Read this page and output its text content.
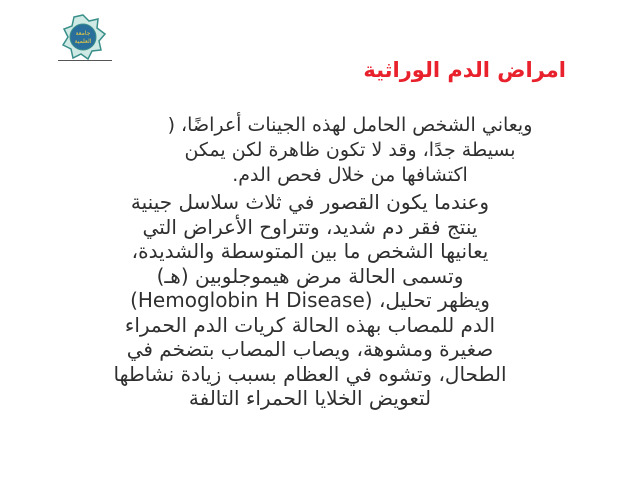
جامعة
العلمية
امراض الدم الوراثية
ويعاني الشخص الحامل لهذه الجينات أعراضًا، (
بسيطة جدًا، وقد لا تكون ظاهرة لكن يمكن
اكتشافها من خلال فحص الدم.
وعندما يكون القصور في ثلاث سلاسل جينية
ينتج فقر دم شديد، وتتراوح الأعراض التي
يعانيها الشخص ما بين المتوسطة والشديدة،
وتسمى الحالة مرض هيموجلوبين (هـ)
ويظهر تحليل، (Hemoglobin H Disease)
الدم للمصاب بهذه الحالة كريات الدم الحمراء
صغيرة ومشوهة، ويصاب المصاب بتضخم في
الطحال، وتشوه في العظام بسبب زيادة نشاطها
لتعويض الخلايا الحمراء التالفة
